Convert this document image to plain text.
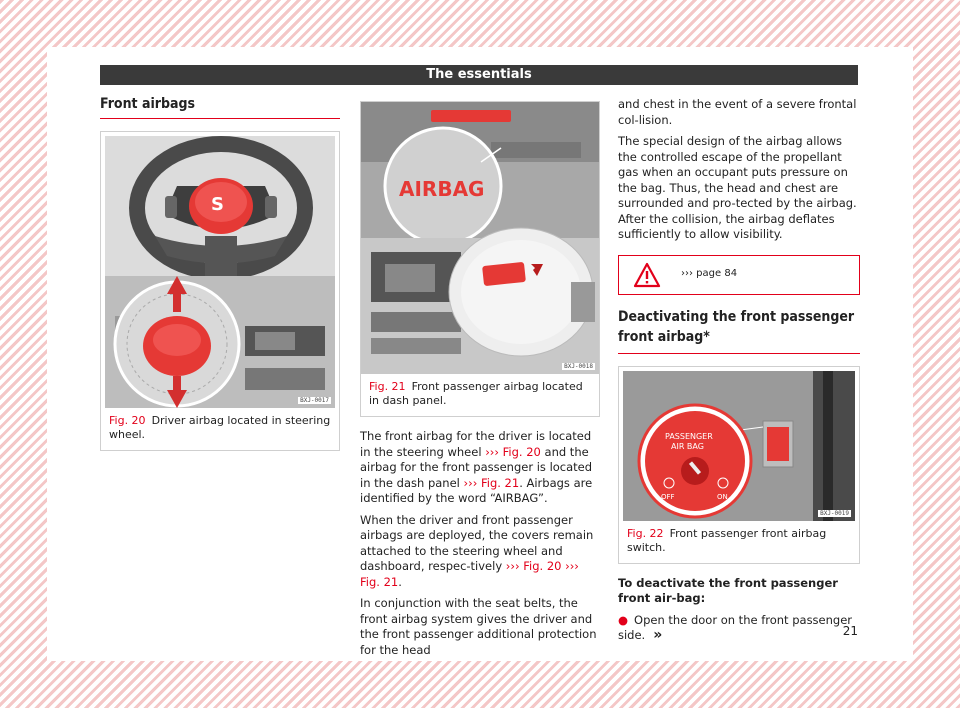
The essentials
Front airbags
S
BXJ-0017
Fig. 20 Driver airbag located in steering wheel.
AIRBAG
BXJ-0018
Fig. 21 Front passenger airbag located in dash panel.

The front airbag for the driver is located in the steering wheel ››› Fig. 20 and the airbag for the front passenger is located in the dash panel ››› Fig. 21. Airbags are identified by the word “AIRBAG”.

When the driver and front passenger airbags are deployed, the covers remain attached to the steering wheel and dashboard, respec-tively ››› Fig. 20 ››› Fig. 21.

In conjunction with the seat belts, the front airbag system gives the driver and the front passenger additional protection for the head

and chest in the event of a severe frontal col-lision.

The special design of the airbag allows the controlled escape of the propellant gas when an occupant puts pressure on the bag. Thus, the head and chest are surrounded and pro-tected by the airbag. After the collision, the airbag deflates sufficiently to allow visibility.

››› page 84
Deactivating the front passenger front airbag*
PASSENGER
AIR BAG
OFF	ON
BXJ-0019
Fig. 22 Front passenger front airbag switch.

To deactivate the front passenger front air-bag:

● Open the door on the front passenger side. »	21
